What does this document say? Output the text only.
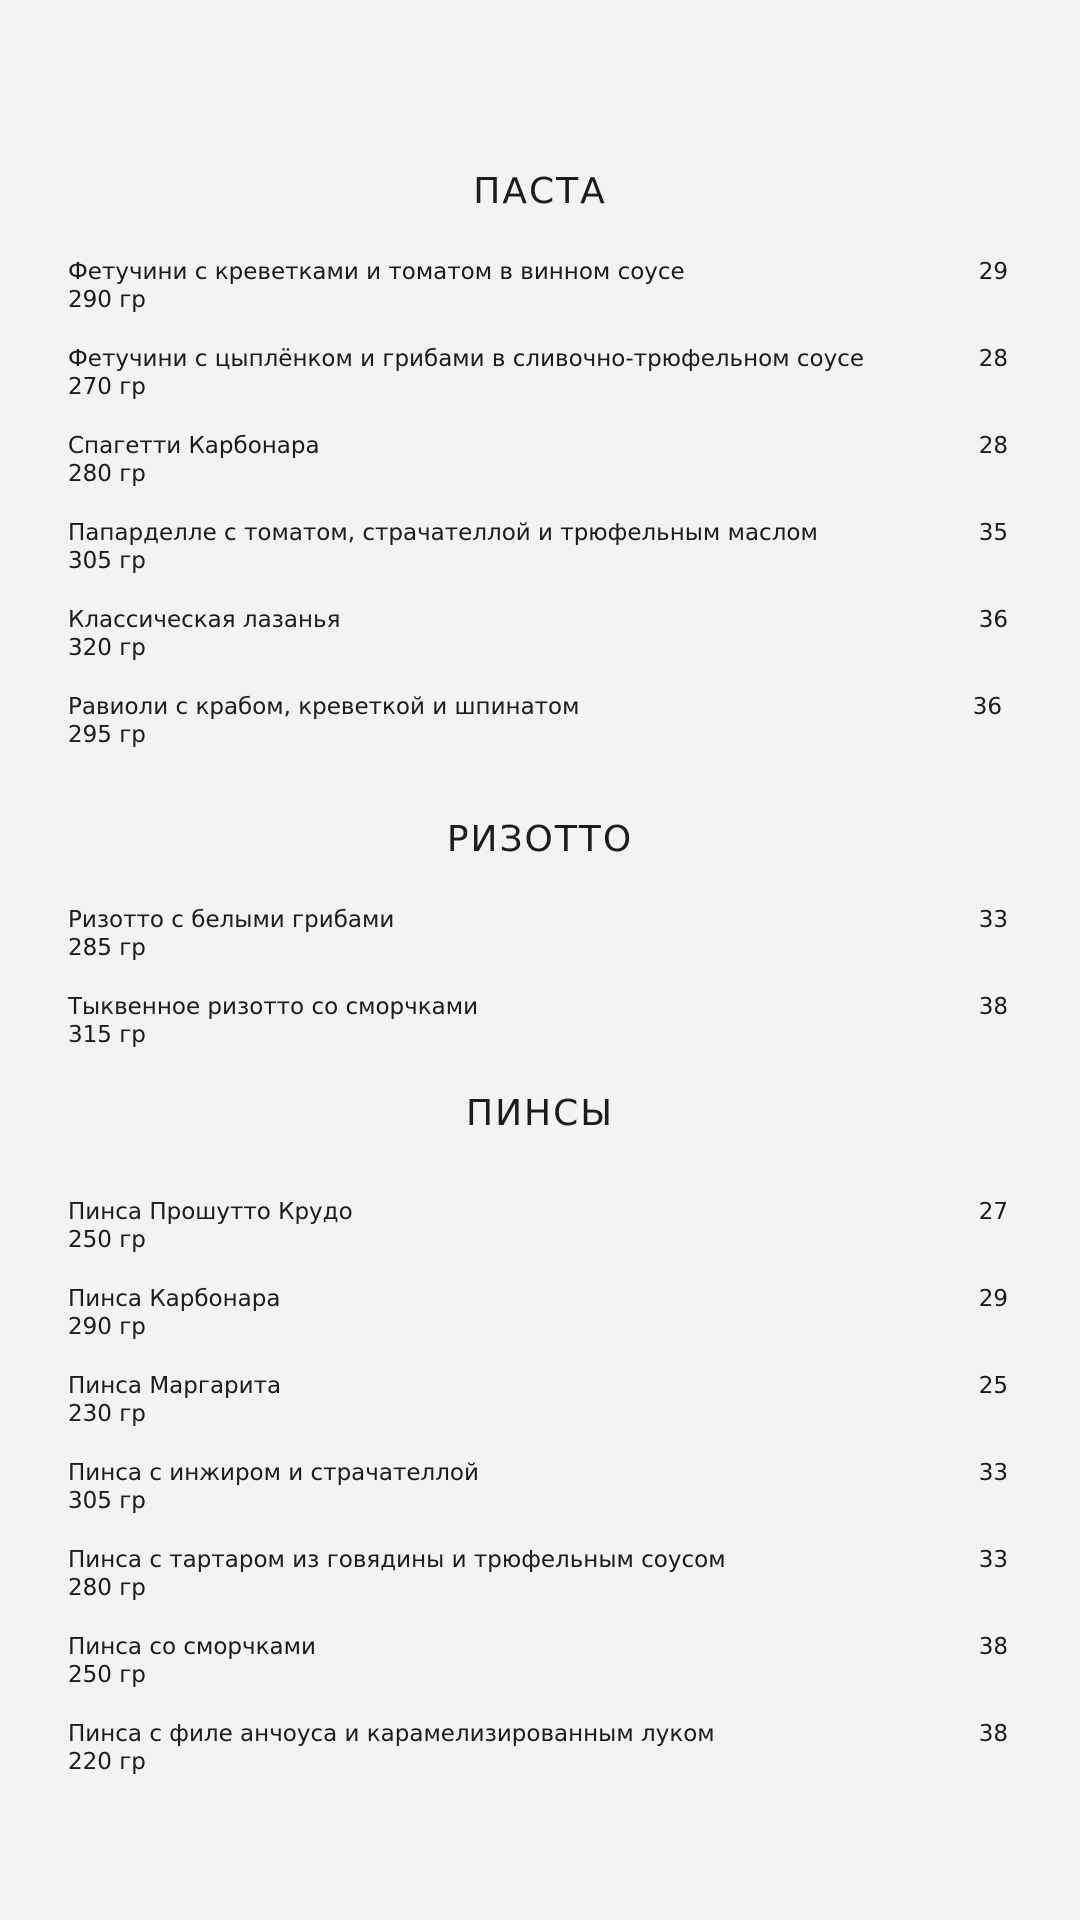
ПАСТА
Фетучини с креветками и томатом в винном соусе
290 гр
29
Фетучини с цыплёнком и грибами в сливочно-трюфельном соусе
270 гр
28
Спагетти Карбонара
280 гр
28
Папарделле с томатом, страчателлой и трюфельным маслом
305 гр
35
Классическая лазанья
320 гр
36
Равиоли с крабом, креветкой и шпинатом
295 гр
36
РИЗОТТО
Ризотто с белыми грибами
285 гр
33
Тыквенное ризотто со сморчками
315 гр
38
ПИНСЫ
Пинса Прошутто Крудо
250 гр
27
Пинса Карбонара
290 гр
29
Пинса Маргарита
230 гр
25
Пинса с инжиром и страчателлой
305 гр
33
Пинса с тартаром из говядины и трюфельным соусом
280 гр
33
Пинса со сморчками
250 гр
38
Пинса с филе анчоуса и карамелизированным луком
220 гр
38
